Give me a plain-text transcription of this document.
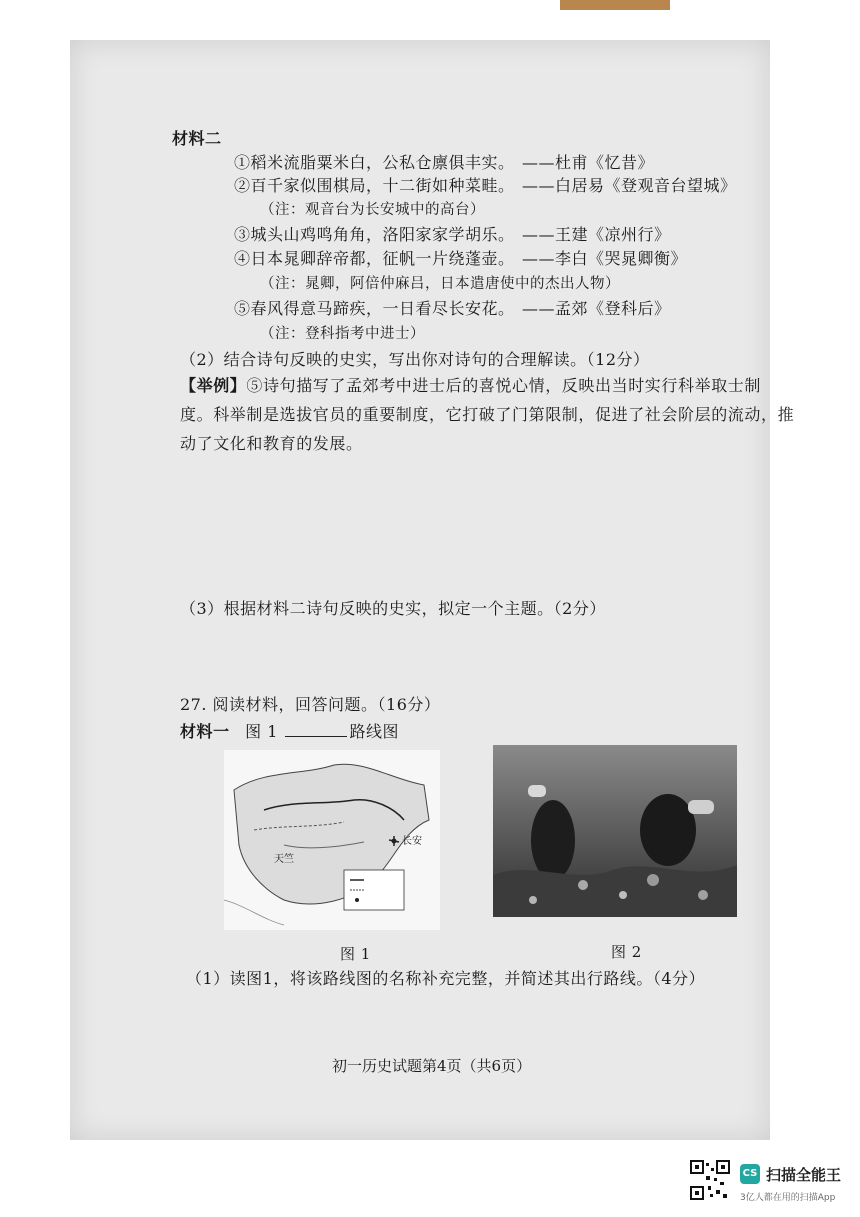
材料二
①稻米流脂粟米白，公私仓廪俱丰实。 ——杜甫《忆昔》
②百千家似围棋局，十二街如种菜畦。 ——白居易《登观音台望城》
（注：观音台为长安城中的高台）
③城头山鸡鸣角角，洛阳家家学胡乐。 ——王建《凉州行》
④日本晁卿辞帝都，征帆一片绕蓬壶。 ——李白《哭晁卿衡》
（注：晁卿，阿倍仲麻吕，日本遣唐使中的杰出人物）
⑤春风得意马蹄疾，一日看尽长安花。 ——孟郊《登科后》
（注：登科指考中进士）
（2）结合诗句反映的史实，写出你对诗句的合理解读。（12分）
【举例】⑤诗句描写了孟郊考中进士后的喜悦心情，反映出当时实行科举取士制
度。科举制是选拔官员的重要制度，它打破了门第限制，促进了社会阶层的流动，推
动了文化和教育的发展。
（3）根据材料二诗句反映的史实，拟定一个主题。（2分）
27. 阅读材料，回答问题。（16分）
材料一 图 1	路线图
长安
天竺
图 1	图 2
（1）读图1，将该路线图的名称补充完整，并简述其出行路线。（4分）
初一历史试题第4页（共6页）
CS 扫描全能王
3亿人都在用的扫描App
